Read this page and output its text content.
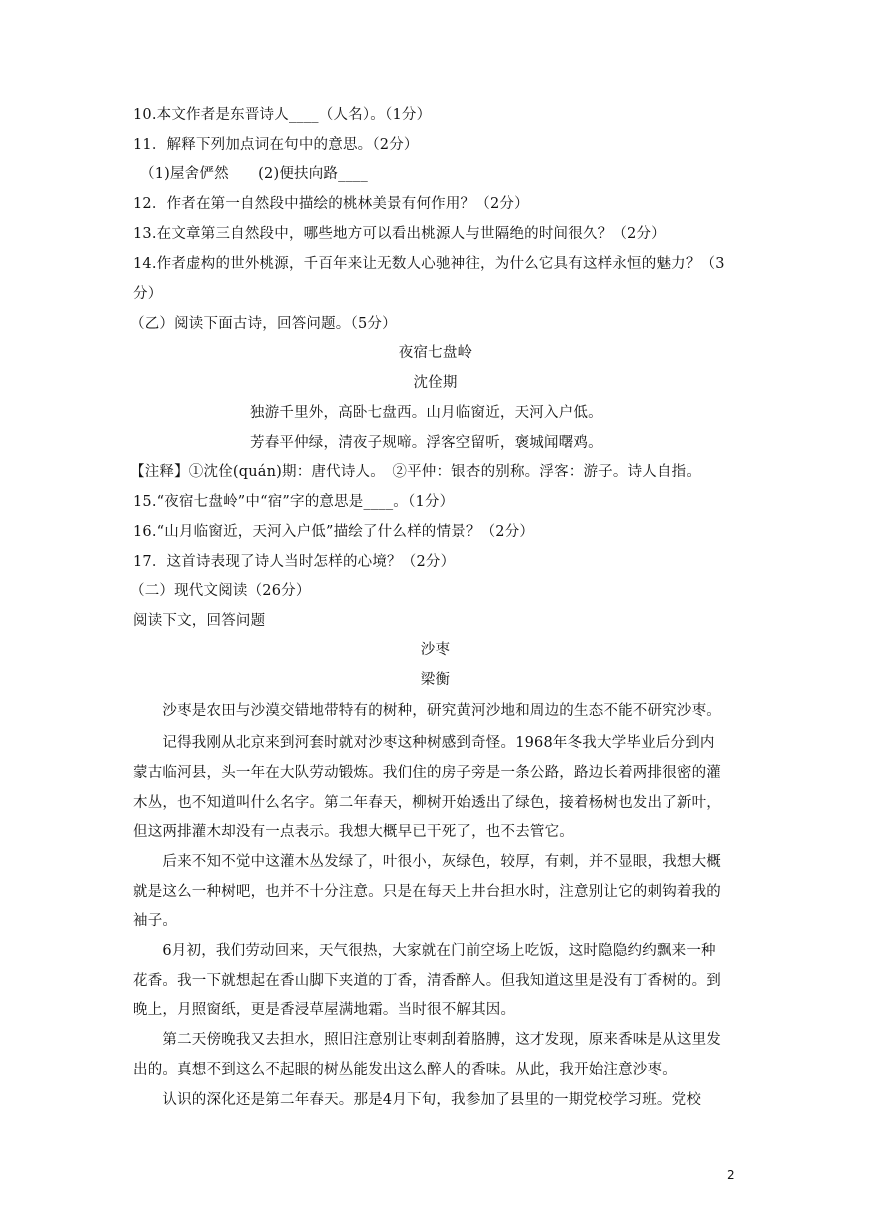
10.本文作者是东晋诗人____（人名）。（1分）
11．解释下列加点词在句中的意思。（2分）
（1)屋舍俨然　　(2)便扶向路____
12．作者在第一自然段中描绘的桃林美景有何作用？（2分）
13.在文章第三自然段中，哪些地方可以看出桃源人与世隔绝的时间很久？（2分）
14.作者虚构的世外桃源，千百年来让无数人心驰神往，为什么它具有这样永恒的魅力？（3
分）
（乙）阅读下面古诗，回答问题。（5分）
夜宿七盘岭
沈佺期
独游千里外，高卧七盘西。山月临窗近，天河入户低。
芳春平仲绿，清夜子规啼。浮客空留听，褒城闻曙鸡。
【注释】①沈佺(quán)期：唐代诗人。　②平仲：银杏的别称。浮客：游子。诗人自指。
15.“夜宿七盘岭”中“宿”字的意思是____。（1分）
16.“山月临窗近，天河入户低”描绘了什么样的情景？（2分）
17．这首诗表现了诗人当时怎样的心境？（2分）
（二）现代文阅读（26分）
阅读下文，回答问题
沙枣
梁衡
　　沙枣是农田与沙漠交错地带特有的树种，研究黄河沙地和周边的生态不能不研究沙枣。
　　记得我刚从北京来到河套时就对沙枣这种树感到奇怪。1968年冬我大学毕业后分到内
蒙古临河县，头一年在大队劳动锻炼。我们住的房子旁是一条公路，路边长着两排很密的灌
木丛，也不知道叫什么名字。第二年春天，柳树开始透出了绿色，接着杨树也发出了新叶，
但这两排灌木却没有一点表示。我想大概早已干死了，也不去管它。
　　后来不知不觉中这灌木丛发绿了，叶很小，灰绿色，较厚，有刺，并不显眼，我想大概
就是这么一种树吧，也并不十分注意。只是在每天上井台担水时，注意别让它的刺钩着我的
袖子。
　　6月初，我们劳动回来，天气很热，大家就在门前空场上吃饭，这时隐隐约约飘来一种
花香。我一下就想起在香山脚下夹道的丁香，清香醉人。但我知道这里是没有丁香树的。到
晚上，月照窗纸，更是香浸草屋满地霜。当时很不解其因。
　　第二天傍晚我又去担水，照旧注意别让枣刺刮着胳膊，这才发现，原来香味是从这里发
出的。真想不到这么不起眼的树丛能发出这么醉人的香味。从此，我开始注意沙枣。
　　认识的深化还是第二年春天。那是4月下旬，我参加了县里的一期党校学习班。党校
2
